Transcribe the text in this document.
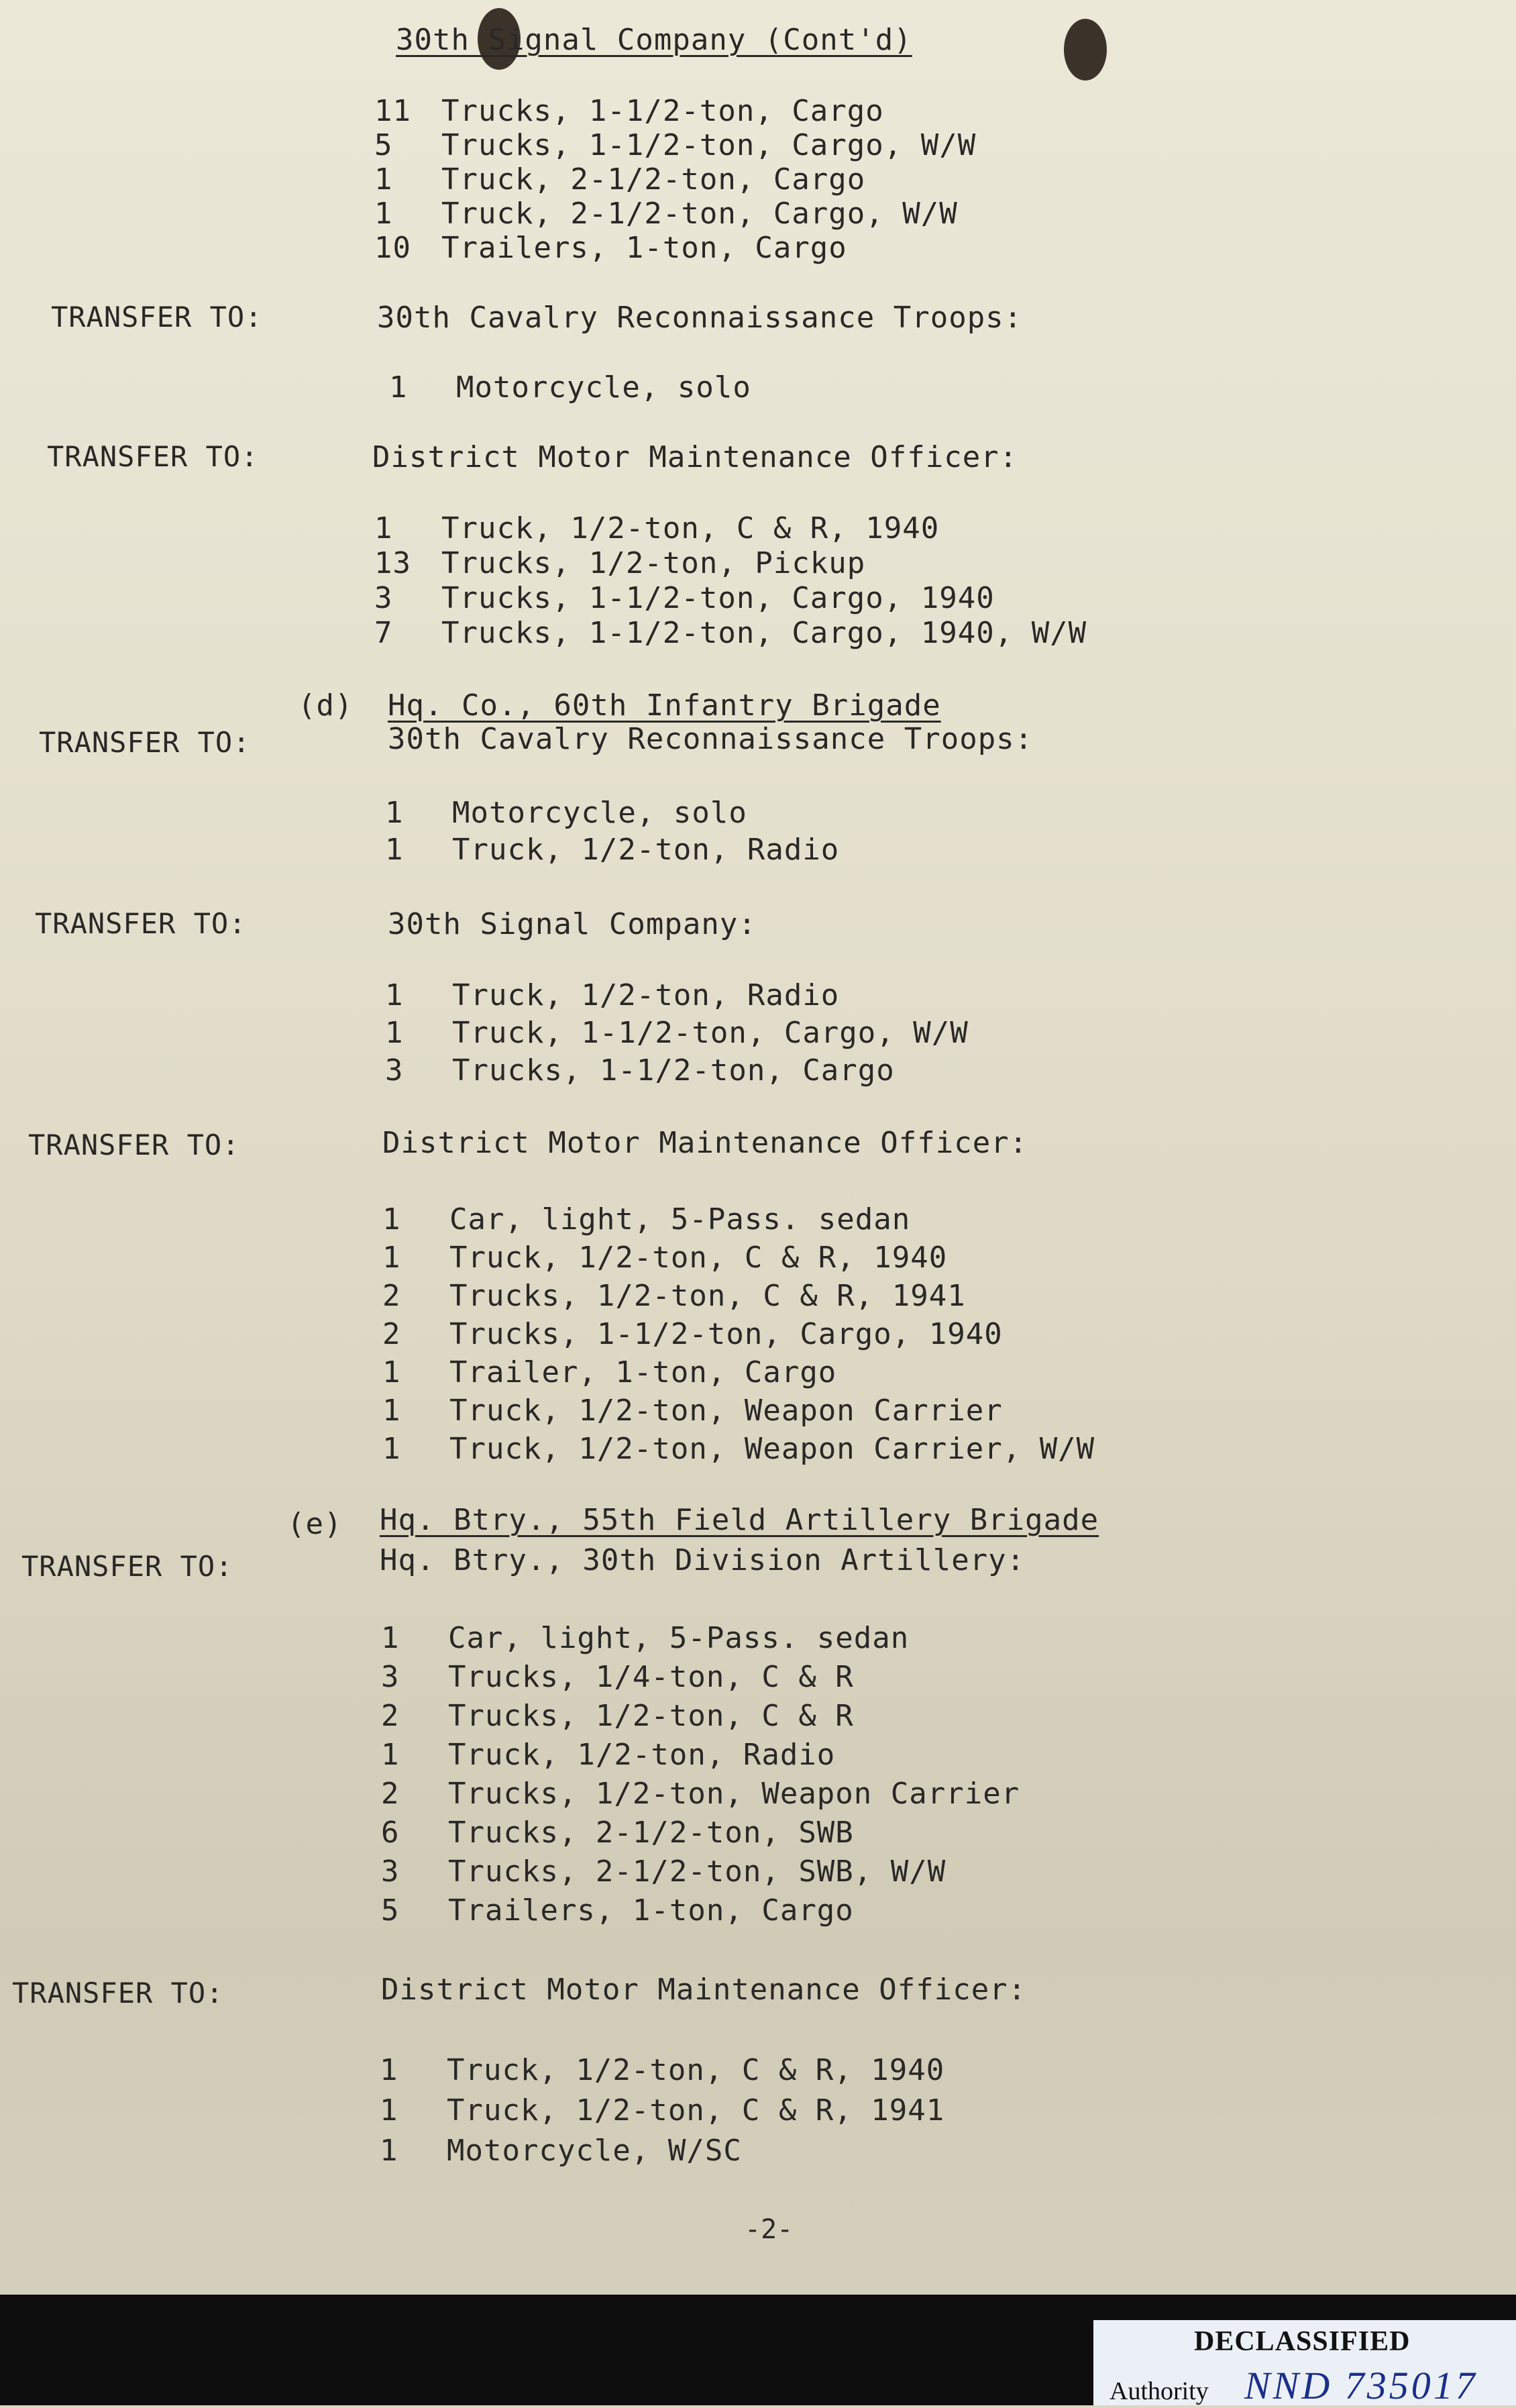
30th Signal Company (Cont'd)
11 Trucks, 1-1/2-ton, Cargo
5 Trucks, 1-1/2-ton, Cargo, W/W
1 Truck, 2-1/2-ton, Cargo
1 Truck, 2-1/2-ton, Cargo, W/W
10 Trailers, 1-ton, Cargo
TRANSFER TO:	30th Cavalry Reconnaissance Troops:
1 Motorcycle, solo
TRANSFER TO:	District Motor Maintenance Officer:
1 Truck, 1/2-ton, C & R, 1940
13 Trucks, 1/2-ton, Pickup
3 Trucks, 1-1/2-ton, Cargo, 1940
7 Trucks, 1-1/2-ton, Cargo, 1940, W/W
(d) Hq. Co., 60th Infantry Brigade
TRANSFER TO:	30th Cavalry Reconnaissance Troops:
1 Motorcycle, solo
1 Truck, 1/2-ton, Radio
TRANSFER TO:	30th Signal Company:
1 Truck, 1/2-ton, Radio
1 Truck, 1-1/2-ton, Cargo, W/W
3 Trucks, 1-1/2-ton, Cargo
TRANSFER TO:	District Motor Maintenance Officer:
1 Car, light, 5-Pass. sedan
1 Truck, 1/2-ton, C & R, 1940
2 Trucks, 1/2-ton, C & R, 1941
2 Trucks, 1-1/2-ton, Cargo, 1940
1 Trailer, 1-ton, Cargo
1 Truck, 1/2-ton, Weapon Carrier
1 Truck, 1/2-ton, Weapon Carrier, W/W
(e) Hq. Btry., 55th Field Artillery Brigade
TRANSFER TO:	Hq. Btry., 30th Division Artillery:
1 Car, light, 5-Pass. sedan
3 Trucks, 1/4-ton, C & R
2 Trucks, 1/2-ton, C & R
1 Truck, 1/2-ton, Radio
2 Trucks, 1/2-ton, Weapon Carrier
6 Trucks, 2-1/2-ton, SWB
3 Trucks, 2-1/2-ton, SWB, W/W
5 Trailers, 1-ton, Cargo
TRANSFER TO:	District Motor Maintenance Officer:
1 Truck, 1/2-ton, C & R, 1940
1 Truck, 1/2-ton, C & R, 1941
1 Motorcycle, W/SC
-2-
DECLASSIFIED
Authority NND 735017
